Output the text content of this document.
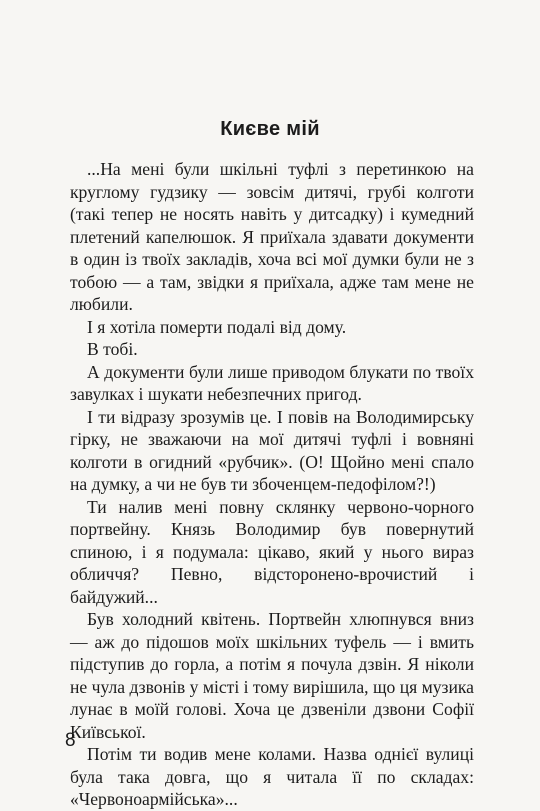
Києве мій

...На мені були шкільні туфлі з перетинкою на круглому гудзику — зовсім дитячі, грубі колготи (такі тепер не носять навіть у дитсадку) і кумедний плетений капелюшок. Я приїхала здавати документи в один із твоїх закладів, хоча всі мої думки були не з тобою — а там, звідки я приїхала, адже там мене не любили.

І я хотіла померти подалі від дому.

В тобі.

А документи були лише приводом блукати по твоїх завулках і шукати небезпечних пригод.

І ти відразу зрозумів це. І повів на Володимирську гірку, не зважаючи на мої дитячі туфлі і вовняні колготи в огидний «рубчик». (О! Щойно мені спало на думку, а чи не був ти збоченцем-педофілом?!)

Ти налив мені повну склянку червоно-чорного портвейну. Князь Володимир був повернутий спиною, і я подумала: цікаво, який у нього вираз обличчя? Певно, відсторонено-врочистий і байдужий...

Був холодний квітень. Портвейн хлюпнувся вниз — аж до підошов моїх шкільних туфель — і вмить підступив до горла, а потім я почула дзвін. Я ніколи не чула дзвонів у місті і тому вирішила, що ця музика лунає в моїй голові. Хоча це дзвеніли дзвони Софії Київської.

Потім ти водив мене колами. Назва однієї вулиці була така довга, що я читала її по складах: «Червоноармійська»...

8
